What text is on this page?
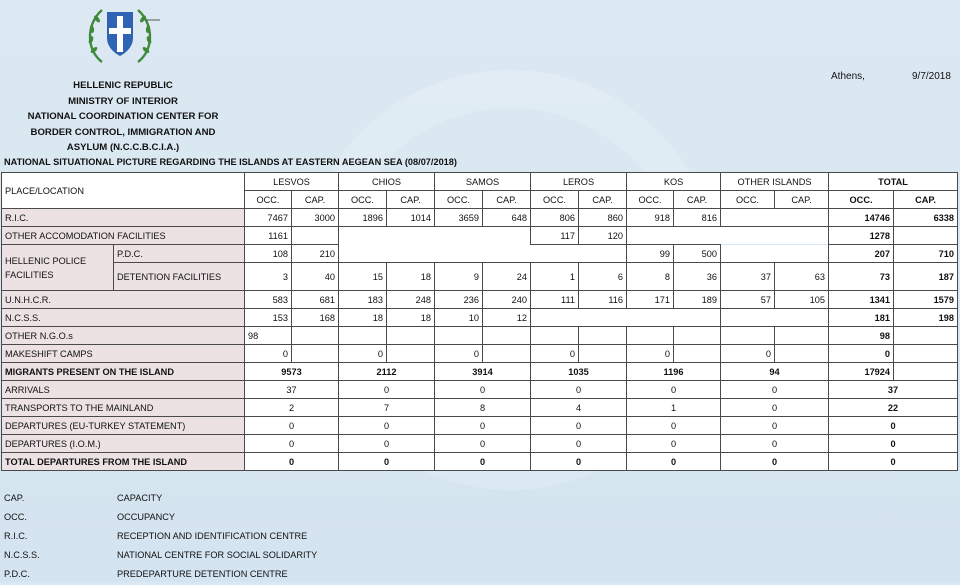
HELLENIC REPUBLIC
MINISTRY OF INTERIOR
NATIONAL COORDINATION CENTER FOR
BORDER CONTROL, IMMIGRATION AND
ASYLUM (N.C.C.B.C.I.A.)
Athens,	9/7/2018
NATIONAL SITUATIONAL PICTURE REGARDING THE ISLANDS AT EASTERN AEGEAN SEA (08/07/2018)
PLACE/LOCATION		LESVOS		CHIOS		SAMOS		LEROS		KOS		OTHER ISLANDS		TOTAL	
		OCC.	CAP.	OCC.	CAP.	OCC.	CAP.	OCC.	CAP.	OCC.	CAP.	OCC.	CAP.	OCC.	CAP.
R.I.C.		7467	3000	1896	1014	3659	648	806	860	918	816			14746	6338
OTHER ACCOMODATION FACILITIES		1161						117	120					1278	
HELLENIC POLICE FACILITIES	P.D.C.	108	210							99	500			207	710
	DETENTION FACILITIES	3	40	15	18	9	24	1	6	8	36	37	63	73	187
U.N.H.C.R.		583	681	183	248	236	240	111	116	171	189	57	105	1341	1579
N.C.S.S.		153	168	18	18	10	12							181	198
OTHER N.G.O.s		98												98	
MAKESHIFT CAMPS		0		0		0		0		0		0		0	
MIGRANTS PRESENT ON THE ISLAND		9573		2112		3914		1035		1196		94		17924	
ARRIVALS		37		0		0		0		0		0		37	
TRANSPORTS TO THE MAINLAND		2		7		8		4		1		0		22	
DEPARTURES (EU-TURKEY STATEMENT)		0		0		0		0		0		0		0	
DEPARTURES (I.O.M.)		0		0		0		0		0		0		0	
TOTAL DEPARTURES FROM THE ISLAND		0		0		0		0		0		0		0	
CAP.	CAPACITY
OCC.	OCCUPANCY
R.I.C.	RECEPTION AND IDENTIFICATION CENTRE
N.C.S.S.	NATIONAL CENTRE FOR SOCIAL SOLIDARITY
P.D.C.	PREDEPARTURE DETENTION CENTRE
